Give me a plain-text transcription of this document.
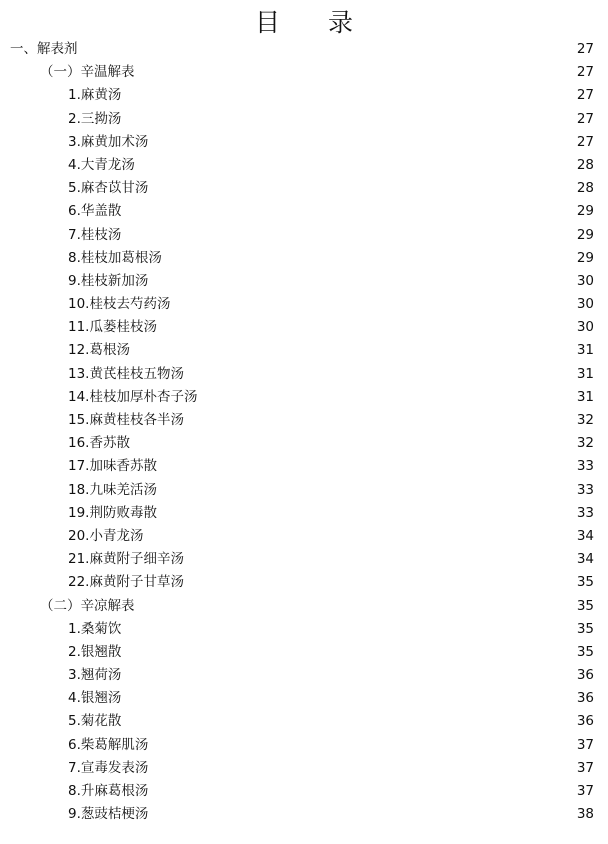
目 录
一、解表剂	27
（一）辛温解表	27
1.麻黄汤	27
2.三拗汤	27
3.麻黄加术汤	27
4.大青龙汤	28
5.麻杏苡甘汤	28
6.华盖散	29
7.桂枝汤	29
8.桂枝加葛根汤	29
9.桂枝新加汤	30
10.桂枝去芍药汤	30
11.瓜蒌桂枝汤	30
12.葛根汤	31
13.黄芪桂枝五物汤	31
14.桂枝加厚朴杏子汤	31
15.麻黄桂枝各半汤	32
16.香苏散	32
17.加味香苏散	33
18.九味羌活汤	33
19.荆防败毒散	33
20.小青龙汤	34
21.麻黄附子细辛汤	34
22.麻黄附子甘草汤	35
（二）辛凉解表	35
1.桑菊饮	35
2.银翘散	35
3.翘荷汤	36
4.银翘汤	36
5.菊花散	36
6.柴葛解肌汤	37
7.宣毒发表汤	37
8.升麻葛根汤	37
9.葱豉桔梗汤	38
